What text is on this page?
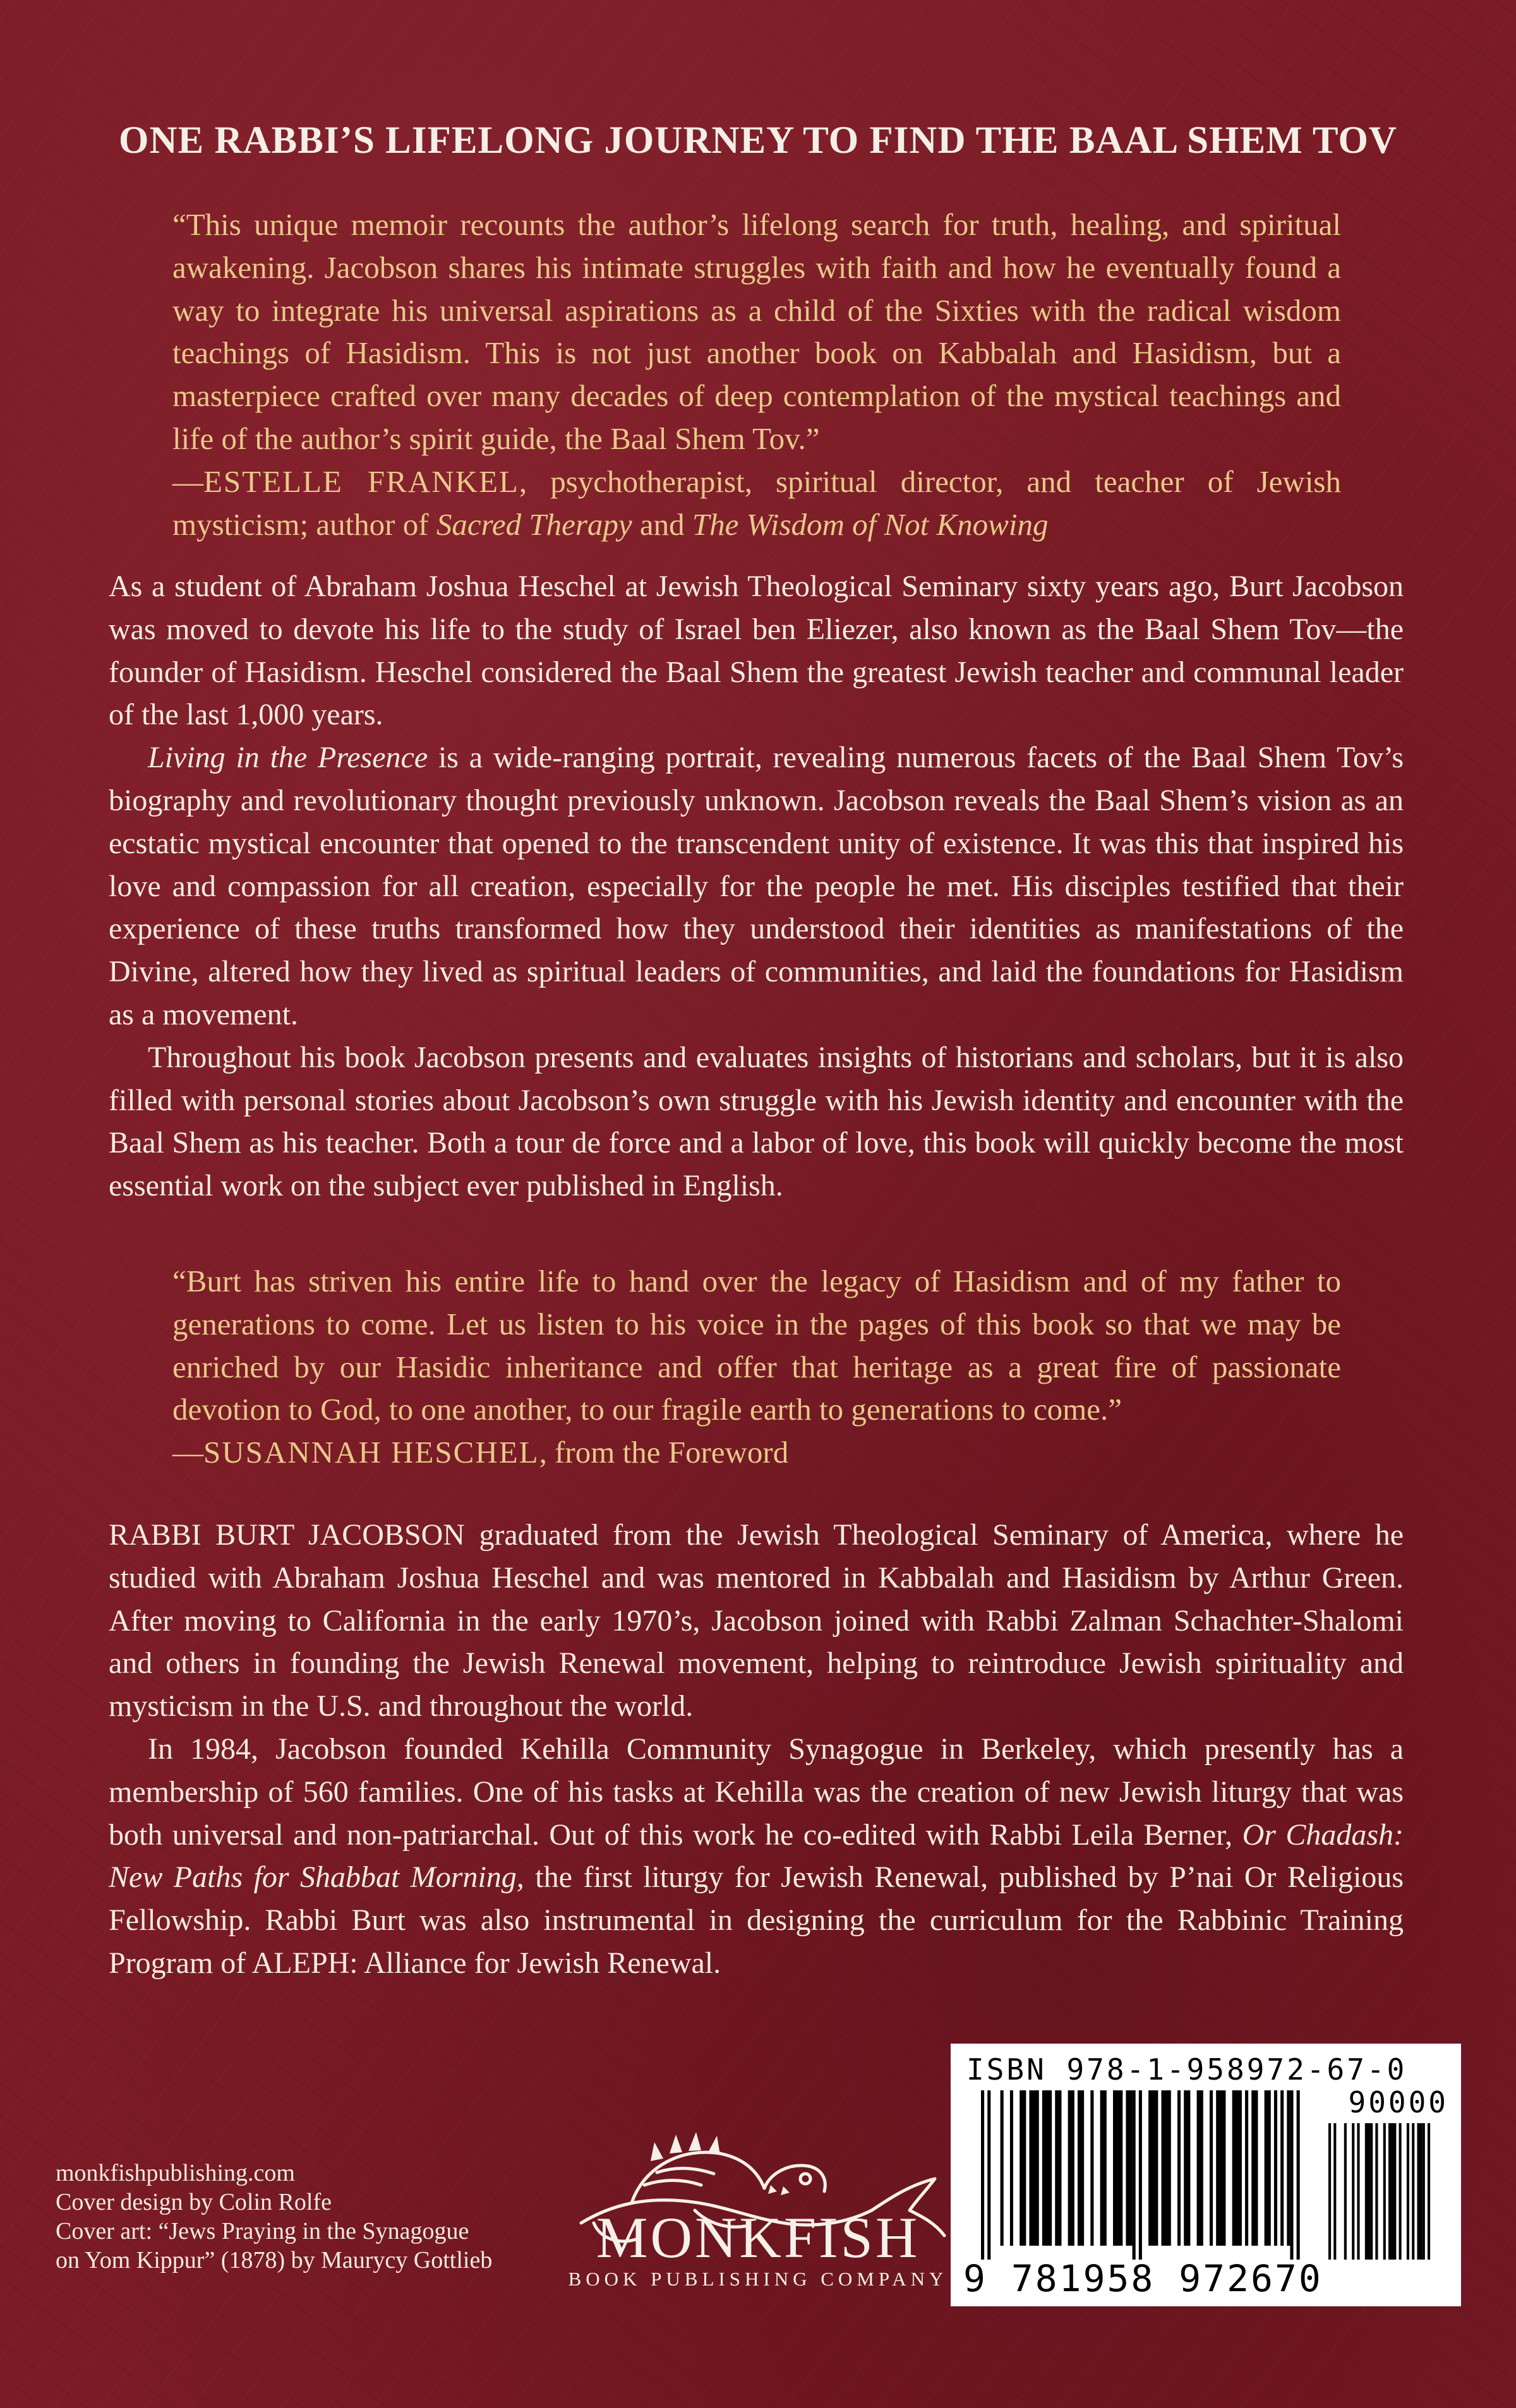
ONE RABBI’S LIFELONG JOURNEY TO FIND THE BAAL SHEM TOV
“This unique memoir recounts the author’s lifelong search for truth, healing, and spiritual awakening. Jacobson shares his intimate struggles with faith and how he eventually found a way to integrate his universal aspirations as a child of the Sixties with the radical wisdom teachings of Hasidism. This is not just another book on Kabbalah and Hasidism, but a masterpiece crafted over many decades of deep contemplation of the mystical teachings and life of the author’s spirit guide, the Baal Shem Tov.”
—ESTELLE FRANKEL, psychotherapist, spiritual director, and teacher of Jewish mysticism; author of Sacred Therapy and The Wisdom of Not Knowing

As a student of Abraham Joshua Heschel at Jewish Theological Seminary sixty years ago, Burt Jacobson was moved to devote his life to the study of Israel ben Eliezer, also known as the Baal Shem Tov—the founder of Hasidism. Heschel considered the Baal Shem the greatest Jewish teacher and communal leader of the last 1,000 years.

Living in the Presence is a wide-ranging portrait, revealing numerous facets of the Baal Shem Tov’s biography and revolutionary thought previously unknown. Jacobson reveals the Baal Shem’s vision as an ecstatic mystical encounter that opened to the transcendent unity of existence. It was this that inspired his love and compassion for all creation, especially for the people he met. His disciples testified that their experience of these truths transformed how they understood their identities as manifestations of the Divine, altered how they lived as spiritual leaders of communities, and laid the foundations for Hasidism as a movement.

Throughout his book Jacobson presents and evaluates insights of historians and scholars, but it is also filled with personal stories about Jacobson’s own struggle with his Jewish identity and encounter with the Baal Shem as his teacher. Both a tour de force and a labor of love, this book will quickly become the most essential work on the subject ever published in English.

“Burt has striven his entire life to hand over the legacy of Hasidism and of my father to generations to come. Let us listen to his voice in the pages of this book so that we may be enriched by our Hasidic inheritance and offer that heritage as a great fire of passionate devotion to God, to one another, to our fragile earth to generations to come.”
—SUSANNAH HESCHEL, from the Foreword

RABBI BURT JACOBSON graduated from the Jewish Theological Seminary of America, where he studied with Abraham Joshua Heschel and was mentored in Kabbalah and Hasidism by Arthur Green. After moving to California in the early 1970’s, Jacobson joined with Rabbi Zalman Schachter-Shalomi and others in founding the Jewish Renewal movement, helping to reintroduce Jewish spirituality and mysticism in the U.S. and throughout the world.

In 1984, Jacobson founded Kehilla Community Synagogue in Berkeley, which presently has a membership of 560 families. One of his tasks at Kehilla was the creation of new Jewish liturgy that was both universal and non-patriarchal. Out of this work he co-edited with Rabbi Leila Berner, Or Chadash: New Paths for Shabbat Morning, the first liturgy for Jewish Renewal, published by P’nai Or Religious Fellowship. Rabbi Burt was also instrumental in designing the curriculum for the Rabbinic Training Program of ALEPH: Alliance for Jewish Renewal.

monkfishpublishing.com
Cover design by Colin Rolfe
Cover art: “Jews Praying in the Synagogue
on Yom Kippur” (1878) by Maurycy Gottlieb	MONKFISH
BOOK PUBLISHING COMPANY
ISBN 978-1-958972-67-0
90000
9 781958 972670
